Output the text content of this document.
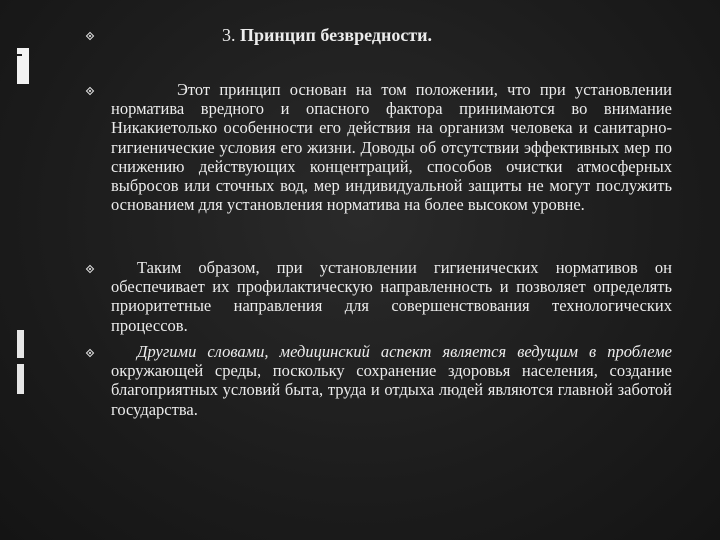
3. Принцип безвредности.
Этот принцип основан на том положении, что при установлении норматива вредного и опасного фактора принимаются во внимание Никакиетолько особенности его действия на организм человека и санитарно-гигиенические условия его жизни. Доводы об отсутствии эффективных мер по снижению действующих концентраций, способов очистки атмосферных выбросов или сточных вод, мер индивидуальной защиты не могут послужить основанием для установления норматива на более высоком уровне.
Таким образом, при установлении гигиенических нормативов он обеспечивает их профилактическую направленность и позволяет определять приоритетные направления для совершенствования технологических процессов.
Другими словами, медицинский аспект является ведущим в проблеме окружающей среды, поскольку сохранение здоровья населения, создание благоприятных условий быта, труда и отдыха людей являются главной заботой государства.
